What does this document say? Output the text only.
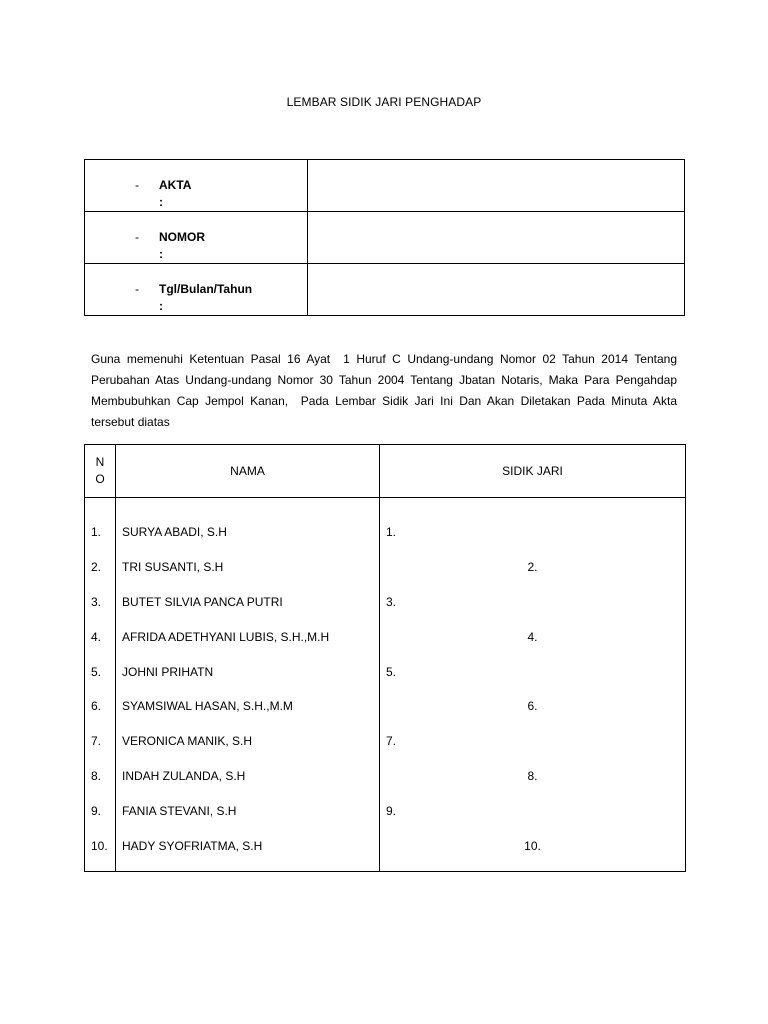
LEMBAR SIDIK JARI PENGHADAP
- AKTA
:	

- NOMOR
:	

- Tgl/Bulan/Tahun
:	

Guna memenuhi Ketentuan Pasal 16 Ayat  1 Huruf C Undang-undang Nomor 02 Tahun 2014 Tentang Perubahan Atas Undang-undang Nomor 30 Tahun 2004 Tentang Jbatan Notaris, Maka Para Pengahdap Membubuhkan Cap Jempol Kanan,  Pada Lembar Sidik Jari Ini Dan Akan Diletakan Pada Minuta Akta tersebut diatas
N
O	NAMA	SIDIK JARI
1.	SURYA ABADI, S.H	1.
2.	TRI SUSANTI, S.H	2.
3.	BUTET SILVIA PANCA PUTRI	3.
4.	AFRIDA ADETHYANI LUBIS, S.H.,M.H	4.
5.	JOHNI PRIHATN	5.
6.	SYAMSIWAL HASAN, S.H.,M.M	6.
7.	VERONICA MANIK, S.H	7.
8.	INDAH ZULANDA, S.H	8.
9.	FANIA STEVANI, S.H	9.
10.	HADY SYOFRIATMA, S.H	10.
